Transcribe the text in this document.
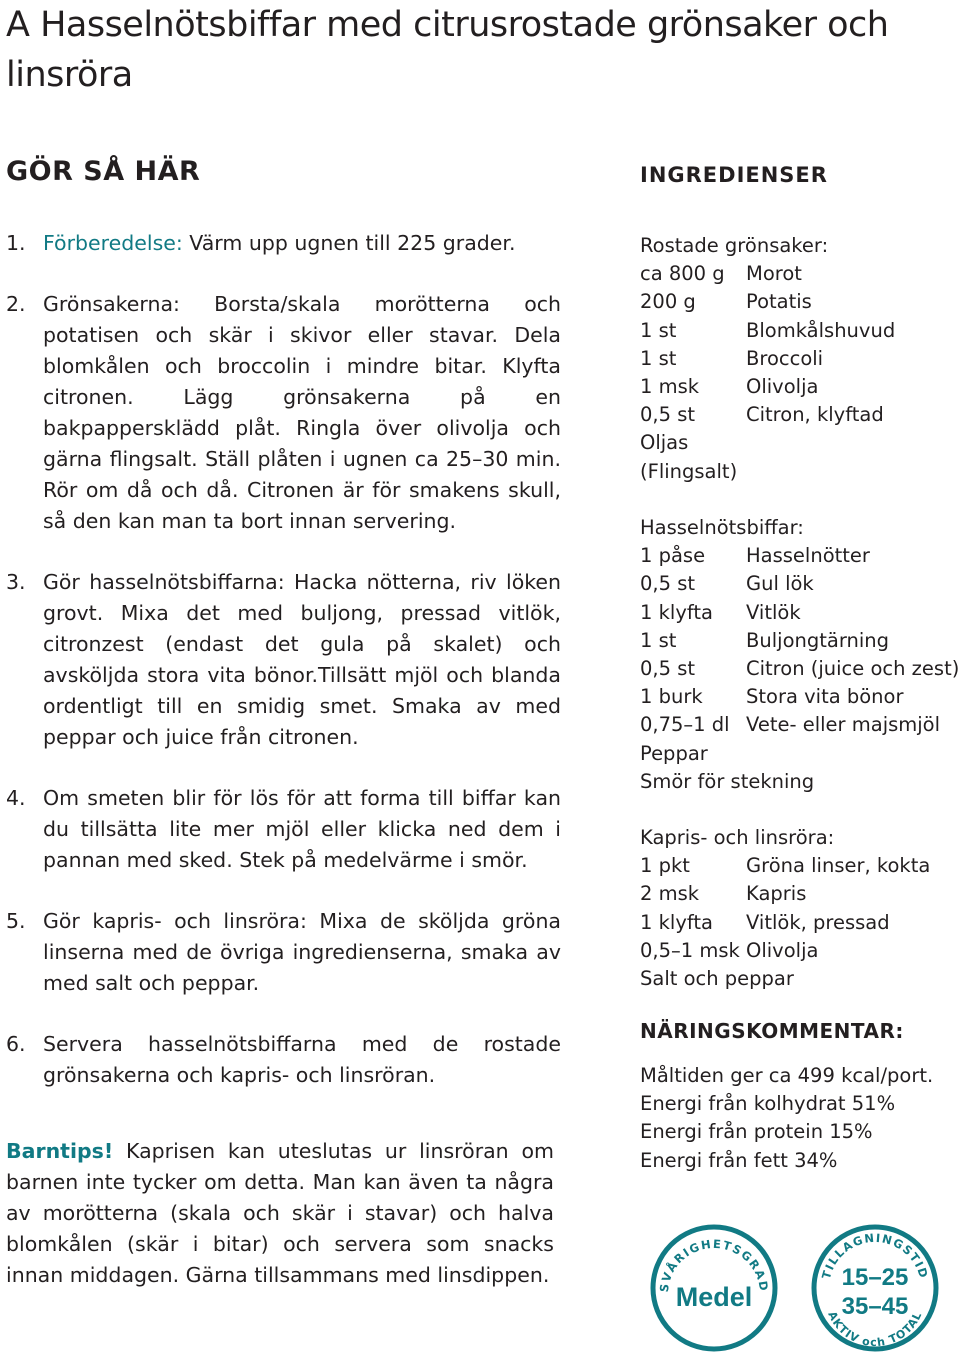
A Hasselnötsbiffar med citrusrostade grönsaker och linsröra
GÖR SÅ HÄR
1. Förberedelse: Värm upp ugnen till 225 grader.
2. Grönsakerna: Borsta/skala morötterna och potatisen och skär i skivor eller stavar. Dela blomkålen och broccolin i mindre bitar. Klyfta citronen. Lägg grönsakerna på en bakpappersklädd plåt. Ringla över olivolja och gärna flingsalt. Ställ plåten i ugnen ca 25–30 min. Rör om då och då. Citronen är för smakens skull, så den kan man ta bort innan servering.
3. Gör hasselnötsbiffarna: Hacka nötterna, riv löken grovt. Mixa det med buljong, pressad vitlök, citronzest (endast det gula på skalet) och avsköljda stora vita bönor.Tillsätt mjöl och blanda ordentligt till en smidig smet. Smaka av med peppar och juice från citronen.
4. Om smeten blir för lös för att forma till biffar kan du tillsätta lite mer mjöl eller klicka ned dem i pannan med sked. Stek på medelvärme i smör.
5. Gör kapris- och linsröra: Mixa de sköljda gröna linserna med de övriga ingredienserna, smaka av med salt och peppar.
6. Servera hasselnötsbiffarna med de rostade grönsakerna och kapris- och linsröran.
Barntips! Kaprisen kan uteslutas ur linsröran om barnen inte tycker om detta. Man kan även ta några av morötterna (skala och skär i stavar) och halva blomkålen (skär i bitar) och servera som snacks innan middagen. Gärna tillsammans med linsdippen.
INGREDIENSER
Rostade grönsaker:
ca 800 g	Morot
200 g	Potatis
1 st	Blomkålshuvud
1 st	Broccoli
1 msk	Olivolja
0,5 st	Citron, klyftad
Oljas
(Flingsalt)
Hasselnötsbiffar:
1 påse	Hasselnötter
0,5 st	Gul lök
1 klyfta	Vitlök
1 st	Buljongtärning
0,5 st	Citron (juice och zest)
1 burk	Stora vita bönor
0,75–1 dl Vete- eller majsmjöl
Peppar
Smör för stekning
Kapris- och linsröra:
1 pkt	Gröna linser, kokta
2 msk	Kapris
1 klyfta	Vitlök, pressad
0,5–1 msk Olivolja
Salt och peppar
NÄRINGSKOMMENTAR:
Måltiden ger ca 499 kcal/port.
Energi från kolhydrat 51%
Energi från protein 15%
Energi från fett 34%
SVÅRIGHETSGRAD
Medel
TILLAGNINGSTID
15–25
35–45
AKTIV och TOTAL
